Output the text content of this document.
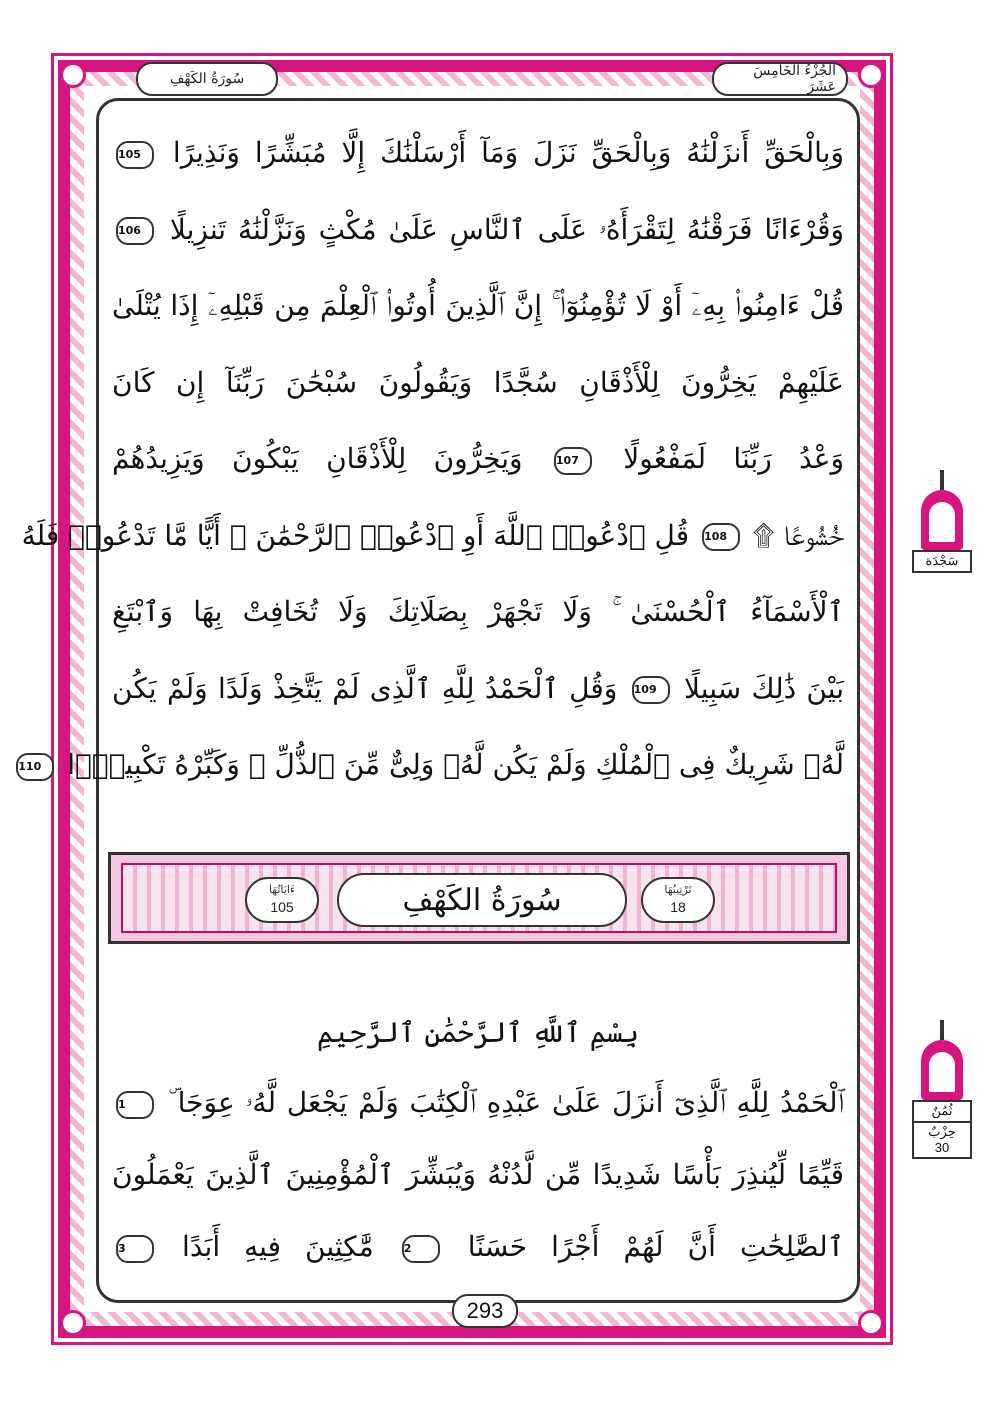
سُورَةُ الكَهْفِ	الجُزْءُ الخَامِسَ عَشَرَ
وَبِالْحَقِّ أَنزَلْنَٰهُ وَبِالْحَقِّ نَزَلَ وَمَآ أَرْسَلْنَٰكَ إِلَّا مُبَشِّرًا وَنَذِيرًا 105
وَقُرْءَانًا فَرَقْنَٰهُ لِتَقْرَأَهُۥ عَلَى ٱلنَّاسِ عَلَىٰ مُكْثٍ وَنَزَّلْنَٰهُ تَنزِيلًا 106
قُلْ ءَامِنُوا۟ بِهِۦٓ أَوْ لَا تُؤْمِنُوٓا۟ ۚ إِنَّ ٱلَّذِينَ أُوتُوا۟ ٱلْعِلْمَ مِن قَبْلِهِۦٓ إِذَا يُتْلَىٰ
عَلَيْهِمْ يَخِرُّونَ لِلْأَذْقَانِ سُجَّدًا وَيَقُولُونَ سُبْحَٰنَ رَبِّنَآ إِن كَانَ
وَعْدُ رَبِّنَا لَمَفْعُولًا 107 وَيَخِرُّونَ لِلْأَذْقَانِ يَبْكُونَ وَيَزِيدُهُمْ
خُشُوعًا ۩ 108 قُلِ ٱدْعُوا۟ ٱللَّهَ أَوِ ٱدْعُوا۟ ٱلرَّحْمَٰنَ ۖ أَيًّا مَّا تَدْعُوا۟ فَلَهُ
ٱلْأَسْمَآءُ ٱلْحُسْنَىٰ ۚ وَلَا تَجْهَرْ بِصَلَاتِكَ وَلَا تُخَافِتْ بِهَا وَٱبْتَغِ
بَيْنَ ذَٰلِكَ سَبِيلًا 109 وَقُلِ ٱلْحَمْدُ لِلَّهِ ٱلَّذِى لَمْ يَتَّخِذْ وَلَدًا وَلَمْ يَكُن
لَّهُۥ شَرِيكٌ فِى ٱلْمُلْكِ وَلَمْ يَكُن لَّهُۥ وَلِىٌّ مِّنَ ٱلذُّلِّ ۖ وَكَبِّرْهُ تَكْبِيرًۢا 110
تَرْتِيبُهَا
18
سُورَةُ الكَهْفِ
ءَايَاتُهَا
105
بِسْمِ ٱللَّهِ ٱلرَّحْمَٰنِ ٱلرَّحِيمِ
ٱلْحَمْدُ لِلَّهِ ٱلَّذِىٓ أَنزَلَ عَلَىٰ عَبْدِهِ ٱلْكِتَٰبَ وَلَمْ يَجْعَل لَّهُۥ عِوَجَا ۜ 1
قَيِّمًا لِّيُنذِرَ بَأْسًا شَدِيدًا مِّن لَّدُنْهُ وَيُبَشِّرَ ٱلْمُؤْمِنِينَ ٱلَّذِينَ يَعْمَلُونَ
ٱلصَّٰلِحَٰتِ أَنَّ لَهُمْ أَجْرًا حَسَنًا 2 مَّٰكِثِينَ فِيهِ أَبَدًا 3
293
سَجْدَة
ثُمُنٌ
حِزْبٌ
30
